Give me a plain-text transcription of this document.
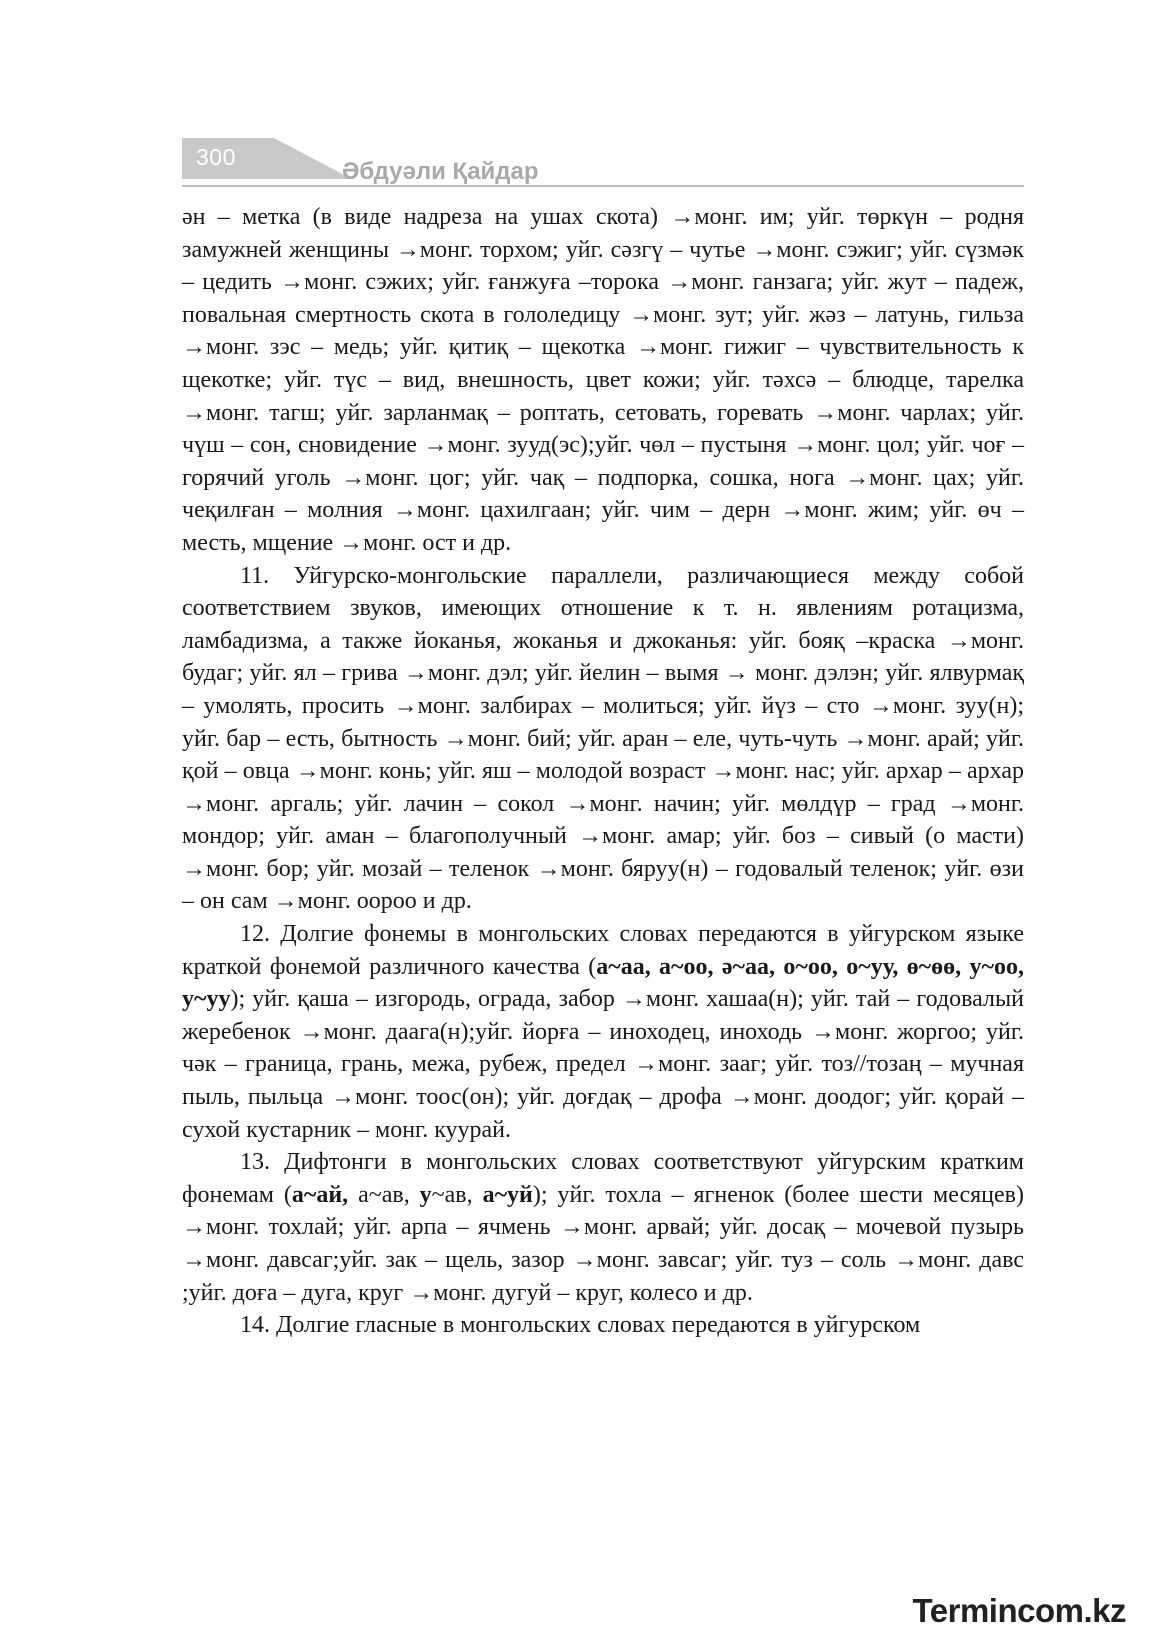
300
Әбдуәли Қайдар

ән – метка (в виде надреза на ушах скота) →монг. им; уйг. төркүн – родня замужней женщины →монг. торхом; уйг. сәзгү – чутье →монг. сэжиг; уйг. сүзмәк – цедить →монг. сэжих; уйг. ғанжуға –торока →монг. ганзага; уйг. жут – падеж, повальная смертность скота в гололедицу →монг. зут; уйг. жәз – латунь, гильза →монг. зэс – медь; уйг. қитиқ – щекотка →монг. гижиг – чувствительность к щекотке; уйг. түс – вид, внешность, цвет кожи; уйг. тәхсә – блюдце, тарелка →монг. тагш; уйг. зарланмақ – роптать, сетовать, горевать →монг. чарлах; уйг. чүш – сон, сновидение →монг. зууд(эс);уйг. чөл – пустыня →монг. цол; уйг. чоғ –горячий уголь →монг. цог; уйг. чақ – подпорка, сошка, нога →монг. цах; уйг. чеқилған – молния →монг. цахилгаан; уйг. чим – дерн →монг. жим; уйг. өч – месть, мщение →монг. ост и др.

11. Уйгурско-монгольские параллели, различающиеся между собой соответствием звуков, имеющих отношение к т. н. явлениям ротацизма, ламбадизма, а также йоканья, жоканья и джоканья: уйг. бояқ –краска →монг. будаг; уйг. ял – грива →монг. дэл; уйг. йелин – вымя → монг. дэлэн; уйг. ялвурмақ – умолять, просить →монг. залбирах – молиться; уйг. йүз – сто →монг. зуу(н); уйг. бар – есть, бытность →монг. бий; уйг. аран – еле, чуть-чуть →монг. арай; уйг. қой – овца →монг. конь; уйг. яш – молодой возраст →монг. нас; уйг. архар – архар →монг. аргаль; уйг. лачин – сокол →монг. начин; уйг. мөлдүр – град →монг. мондор; уйг. аман – благополучный →монг. амар; уйг. боз – сивый (о масти) →монг. бор; уйг. мозай – теленок →монг. бяруу(н) – годовалый теленок; уйг. өзи – он сам →монг. ооро​о и др.

12. Долгие фонемы в монгольских словах передаются в уйгурском языке краткой фонемой различного качества (а~аа, а~оо, ә~аа, о~оо, о~уу, ө~өө, у~оо, у~уу); уйг. қаша – изгородь, ограда, забор →монг. хашаа(н); уйг. тай – годовалый жеребенок →монг. даага(н);уйг. йорға – иноходец, иноходь →монг. жоргоо; уйг. чәк – граница, грань, межа, рубеж, предел →монг. зааг; уйг. тоз//тозаң – мучная пыль, пыльца →монг. тоос(он); уйг. доғдақ – дрофа →монг. доодог; уйг. қорай – сухой кустарник – монг. куурай.

13. Дифтонги в монгольских словах соответствуют уйгурским кратким фонемам (а~ай, а~ав, у~ав, а~уй); уйг. тохла – ягненок (более шести месяцев) →монг. тохлай; уйг. арпа – ячмень →монг. арвай; уйг. досақ – мочевой пузырь →монг. давсаг;уйг. зак – щель, зазор →монг. завсаг; уйг. туз – соль →монг. давс ;уйг. доға – дуга, круг →монг. дугуй – круг, колесо и др.

14. Долгие гласные в монгольских словах передаются в уйгурском

Termincom.kz
